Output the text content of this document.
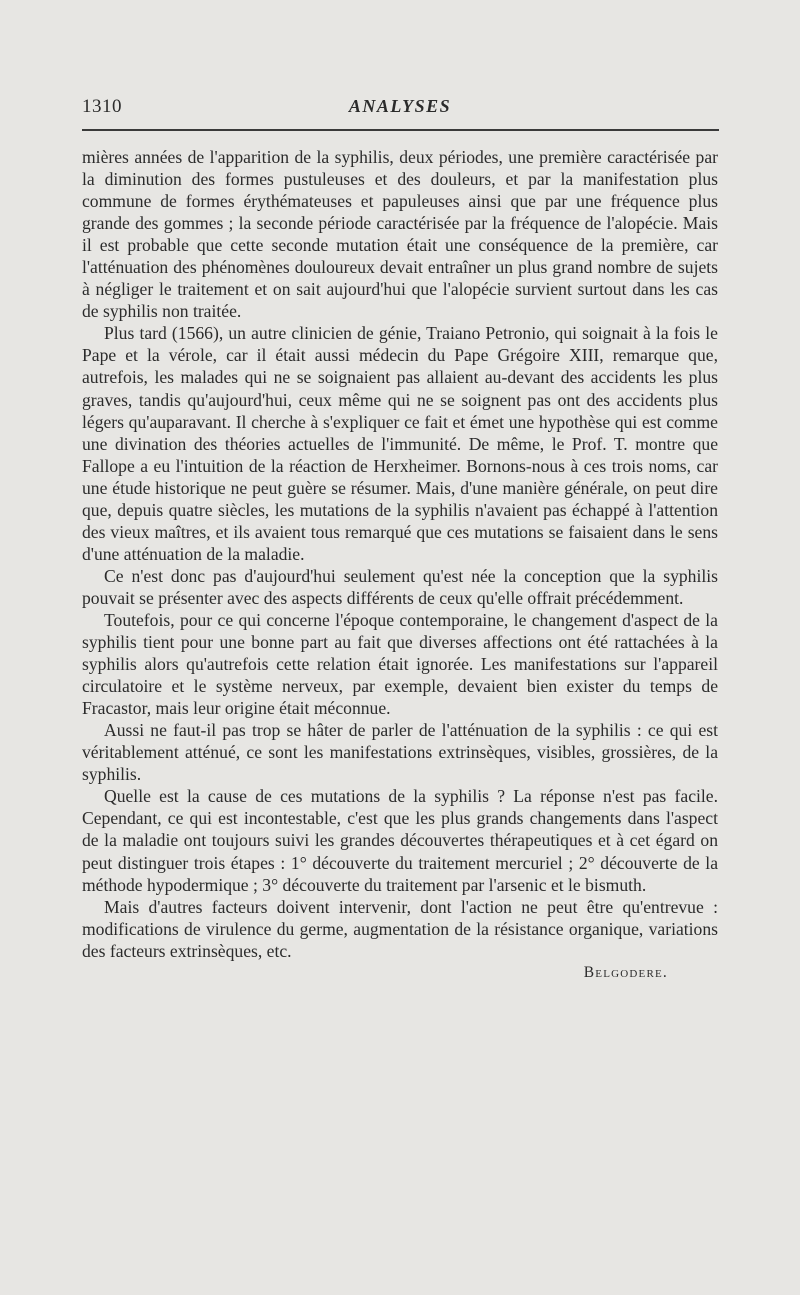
1310	ANALYSES

mières années de l'apparition de la syphilis, deux périodes, une première caractérisée par la diminution des formes pustuleuses et des douleurs, et par la manifestation plus commune de formes érythémateuses et papuleuses ainsi que par une fréquence plus grande des gommes ; la seconde période caractérisée par la fréquence de l'alopécie. Mais il est probable que cette seconde mutation était une conséquence de la première, car l'atténuation des phénomènes douloureux devait entraîner un plus grand nombre de sujets à négliger le traitement et on sait aujourd'hui que l'alopécie survient surtout dans les cas de syphilis non traitée.

Plus tard (1566), un autre clinicien de génie, Traiano Petronio, qui soignait à la fois le Pape et la vérole, car il était aussi médecin du Pape Grégoire XIII, remarque que, autrefois, les malades qui ne se soignaient pas allaient au-devant des accidents les plus graves, tandis qu'aujourd'hui, ceux même qui ne se soignent pas ont des accidents plus légers qu'auparavant. Il cherche à s'expliquer ce fait et émet une hypothèse qui est comme une divination des théories actuelles de l'immunité. De même, le Prof. T. montre que Fallope a eu l'intuition de la réaction de Herxheimer. Bornons-nous à ces trois noms, car une étude historique ne peut guère se résumer. Mais, d'une manière générale, on peut dire que, depuis quatre siècles, les mutations de la syphilis n'avaient pas échappé à l'attention des vieux maîtres, et ils avaient tous remarqué que ces mutations se faisaient dans le sens d'une atténuation de la maladie.

Ce n'est donc pas d'aujourd'hui seulement qu'est née la conception que la syphilis pouvait se présenter avec des aspects différents de ceux qu'elle offrait précédemment.

Toutefois, pour ce qui concerne l'époque contemporaine, le changement d'aspect de la syphilis tient pour une bonne part au fait que diverses affections ont été rattachées à la syphilis alors qu'autrefois cette relation était ignorée. Les manifestations sur l'appareil circulatoire et le système nerveux, par exemple, devaient bien exister du temps de Fracastor, mais leur origine était méconnue.

Aussi ne faut-il pas trop se hâter de parler de l'atténuation de la syphilis : ce qui est véritablement atténué, ce sont les manifestations extrinsèques, visibles, grossières, de la syphilis.

Quelle est la cause de ces mutations de la syphilis ? La réponse n'est pas facile. Cependant, ce qui est incontestable, c'est que les plus grands changements dans l'aspect de la maladie ont toujours suivi les grandes découvertes thérapeutiques et à cet égard on peut distinguer trois étapes : 1° découverte du traitement mercuriel ; 2° découverte de la méthode hypodermique ; 3° découverte du traitement par l'arsenic et le bismuth.

Mais d'autres facteurs doivent intervenir, dont l'action ne peut être qu'entrevue : modifications de virulence du germe, augmentation de la résistance organique, variations des facteurs extrinsèques, etc.

Belgodere.
